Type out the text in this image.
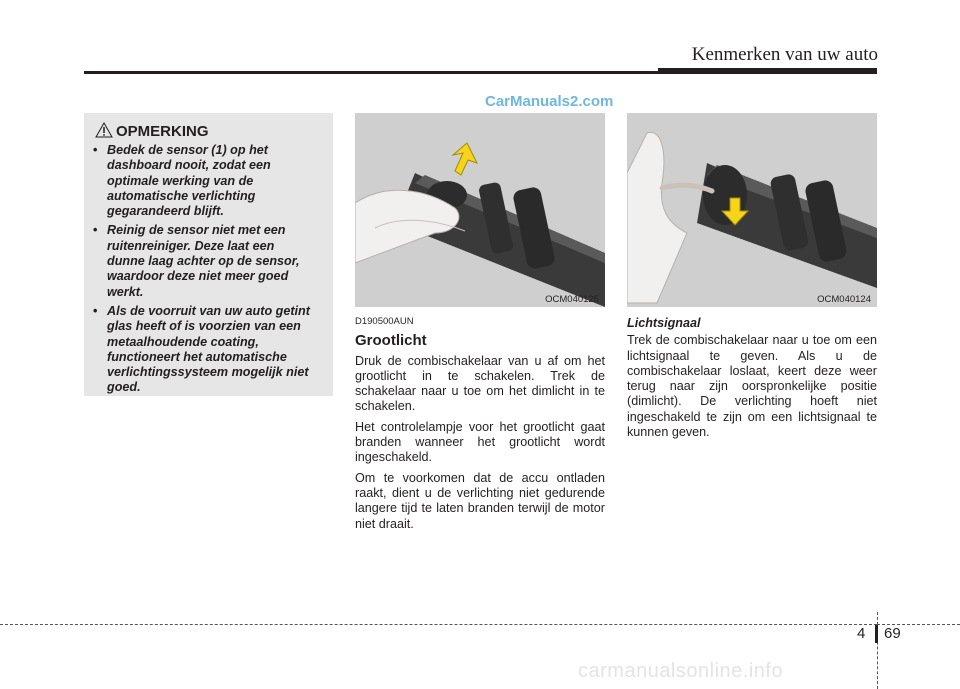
Kenmerken van uw auto
CarManuals2.com
OPMERKING
• Bedek de sensor (1) op het
dashboard nooit, zodat een
optimale werking van de
automatische verlichting
gegarandeerd blijft.
• Reinig de sensor niet met een
ruitenreiniger. Deze laat een
dunne laag achter op de sensor,
waardoor deze niet meer goed
werkt.
• Als de voorruit van uw auto getint
glas heeft of is voorzien van een
metaalhoudende coating,
functioneert het automatische
verlichtingssysteem mogelijk niet
goed.
OCM040125	OCM040124
D190500AUN
Grootlicht

Druk de combischakelaar van u af om het grootlicht in te schakelen. Trek de schakelaar naar u toe om het dimlicht in te schakelen.

Het controlelampje voor het grootlicht gaat branden wanneer het grootlicht wordt ingeschakeld.

Om te voorkomen dat de accu ontladen raakt, dient u de verlichting niet gedurende langere tijd te laten branden terwijl de motor niet draait.

Lichtsignaal

Trek de combischakelaar naar u toe om een lichtsignaal te geven. Als u de combischakelaar loslaat, keert deze weer terug naar zijn oorspronkelijke positie (dimlicht). De verlichting hoeft niet ingeschakeld te zijn om een lichtsignaal te kunnen geven.

4 69
carmanualsonline.info
